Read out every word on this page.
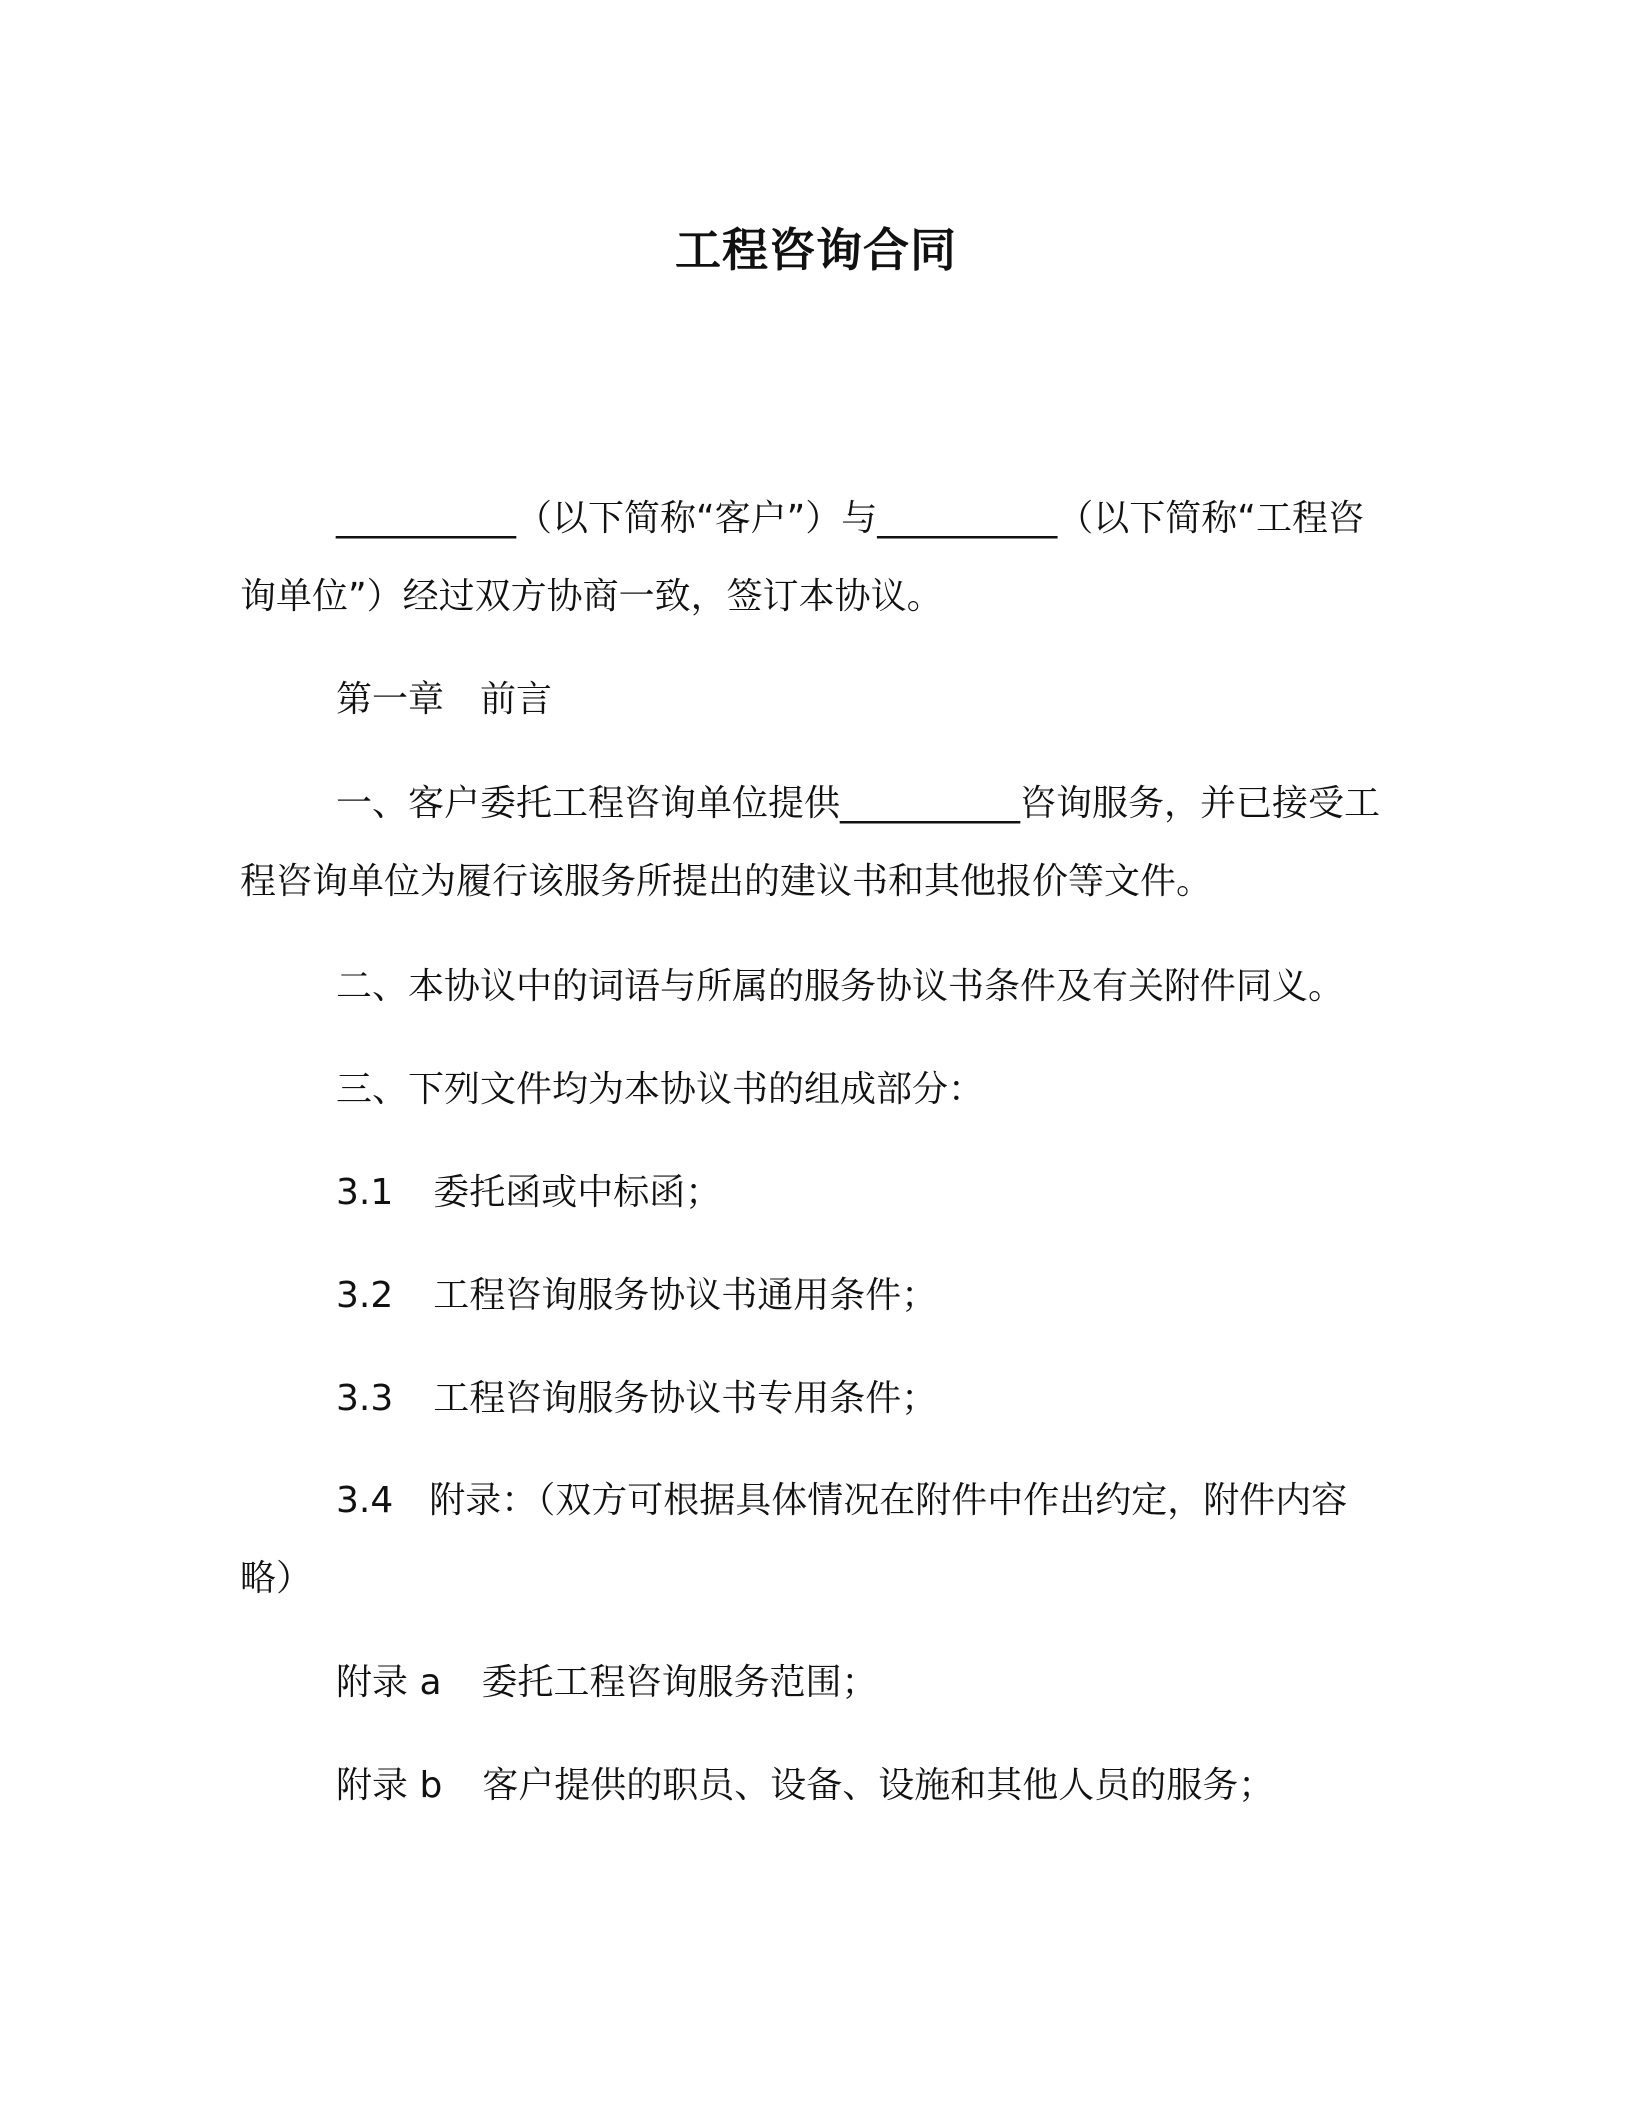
工程咨询合同
__________（以下简称“客户”）与__________（以下简称“工程咨询单位”）经过双方协商一致，签订本协议。
第一章 前言
一、客户委托工程咨询单位提供__________咨询服务，并已接受工程咨询单位为履行该服务所提出的建议书和其他报价等文件。
二、本协议中的词语与所属的服务协议书条件及有关附件同义。
三、下列文件均为本协议书的组成部分：
3.1 委托函或中标函；
3.2 工程咨询服务协议书通用条件；
3.3 工程咨询服务协议书专用条件；
3.4　附录：（双方可根据具体情况在附件中作出约定，附件内容略）
附录 a 委托工程咨询服务范围；
附录 b 客户提供的职员、设备、设施和其他人员的服务；
